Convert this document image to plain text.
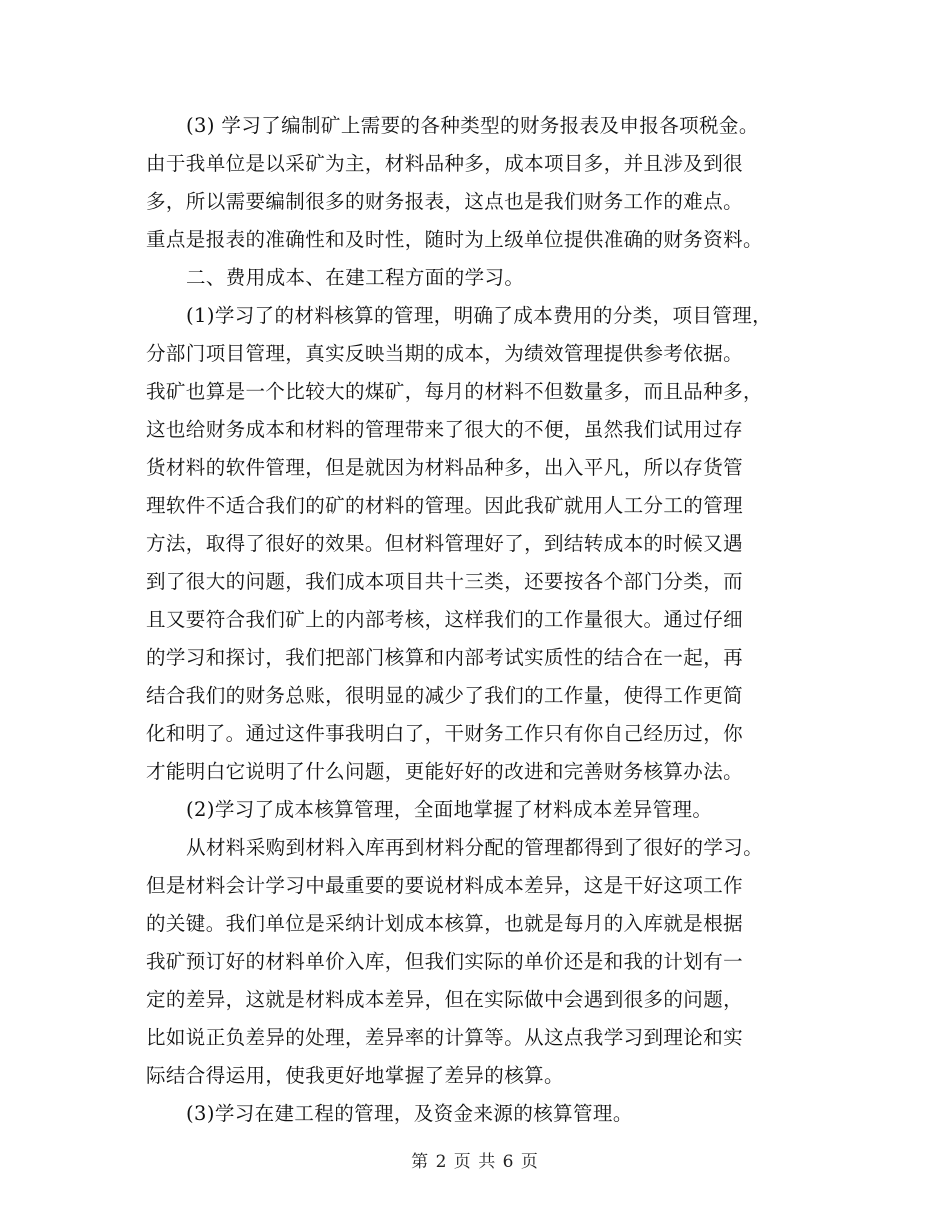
(3) 学习了编制矿上需要的各种类型的财务报表及申报各项税金。
由于我单位是以采矿为主，材料品种多，成本项目多，并且涉及到很
多，所以需要编制很多的财务报表，这点也是我们财务工作的难点。
重点是报表的准确性和及时性，随时为上级单位提供准确的财务资料。
二、费用成本、在建工程方面的学习。
(1)学习了的材料核算的管理，明确了成本费用的分类，项目管理，
分部门项目管理，真实反映当期的成本，为绩效管理提供参考依据。
我矿也算是一个比较大的煤矿，每月的材料不但数量多，而且品种多，
这也给财务成本和材料的管理带来了很大的不便，虽然我们试用过存
货材料的软件管理，但是就因为材料品种多，出入平凡，所以存货管
理软件不适合我们的矿的材料的管理。因此我矿就用人工分工的管理
方法，取得了很好的效果。但材料管理好了，到结转成本的时候又遇
到了很大的问题，我们成本项目共十三类，还要按各个部门分类，而
且又要符合我们矿上的内部考核，这样我们的工作量很大。通过仔细
的学习和探讨，我们把部门核算和内部考试实质性的结合在一起，再
结合我们的财务总账，很明显的减少了我们的工作量，使得工作更简
化和明了。通过这件事我明白了，干财务工作只有你自己经历过，你
才能明白它说明了什么问题，更能好好的改进和完善财务核算办法。
(2)学习了成本核算管理，全面地掌握了材料成本差异管理。
从材料采购到材料入库再到材料分配的管理都得到了很好的学习。
但是材料会计学习中最重要的要说材料成本差异，这是干好这项工作
的关键。我们单位是采纳计划成本核算，也就是每月的入库就是根据
我矿预订好的材料单价入库，但我们实际的单价还是和我的计划有一
定的差异，这就是材料成本差异，但在实际做中会遇到很多的问题，
比如说正负差异的处理，差异率的计算等。从这点我学习到理论和实
际结合得运用，使我更好地掌握了差异的核算。
(3)学习在建工程的管理，及资金来源的核算管理。
第 2 页 共 6 页
